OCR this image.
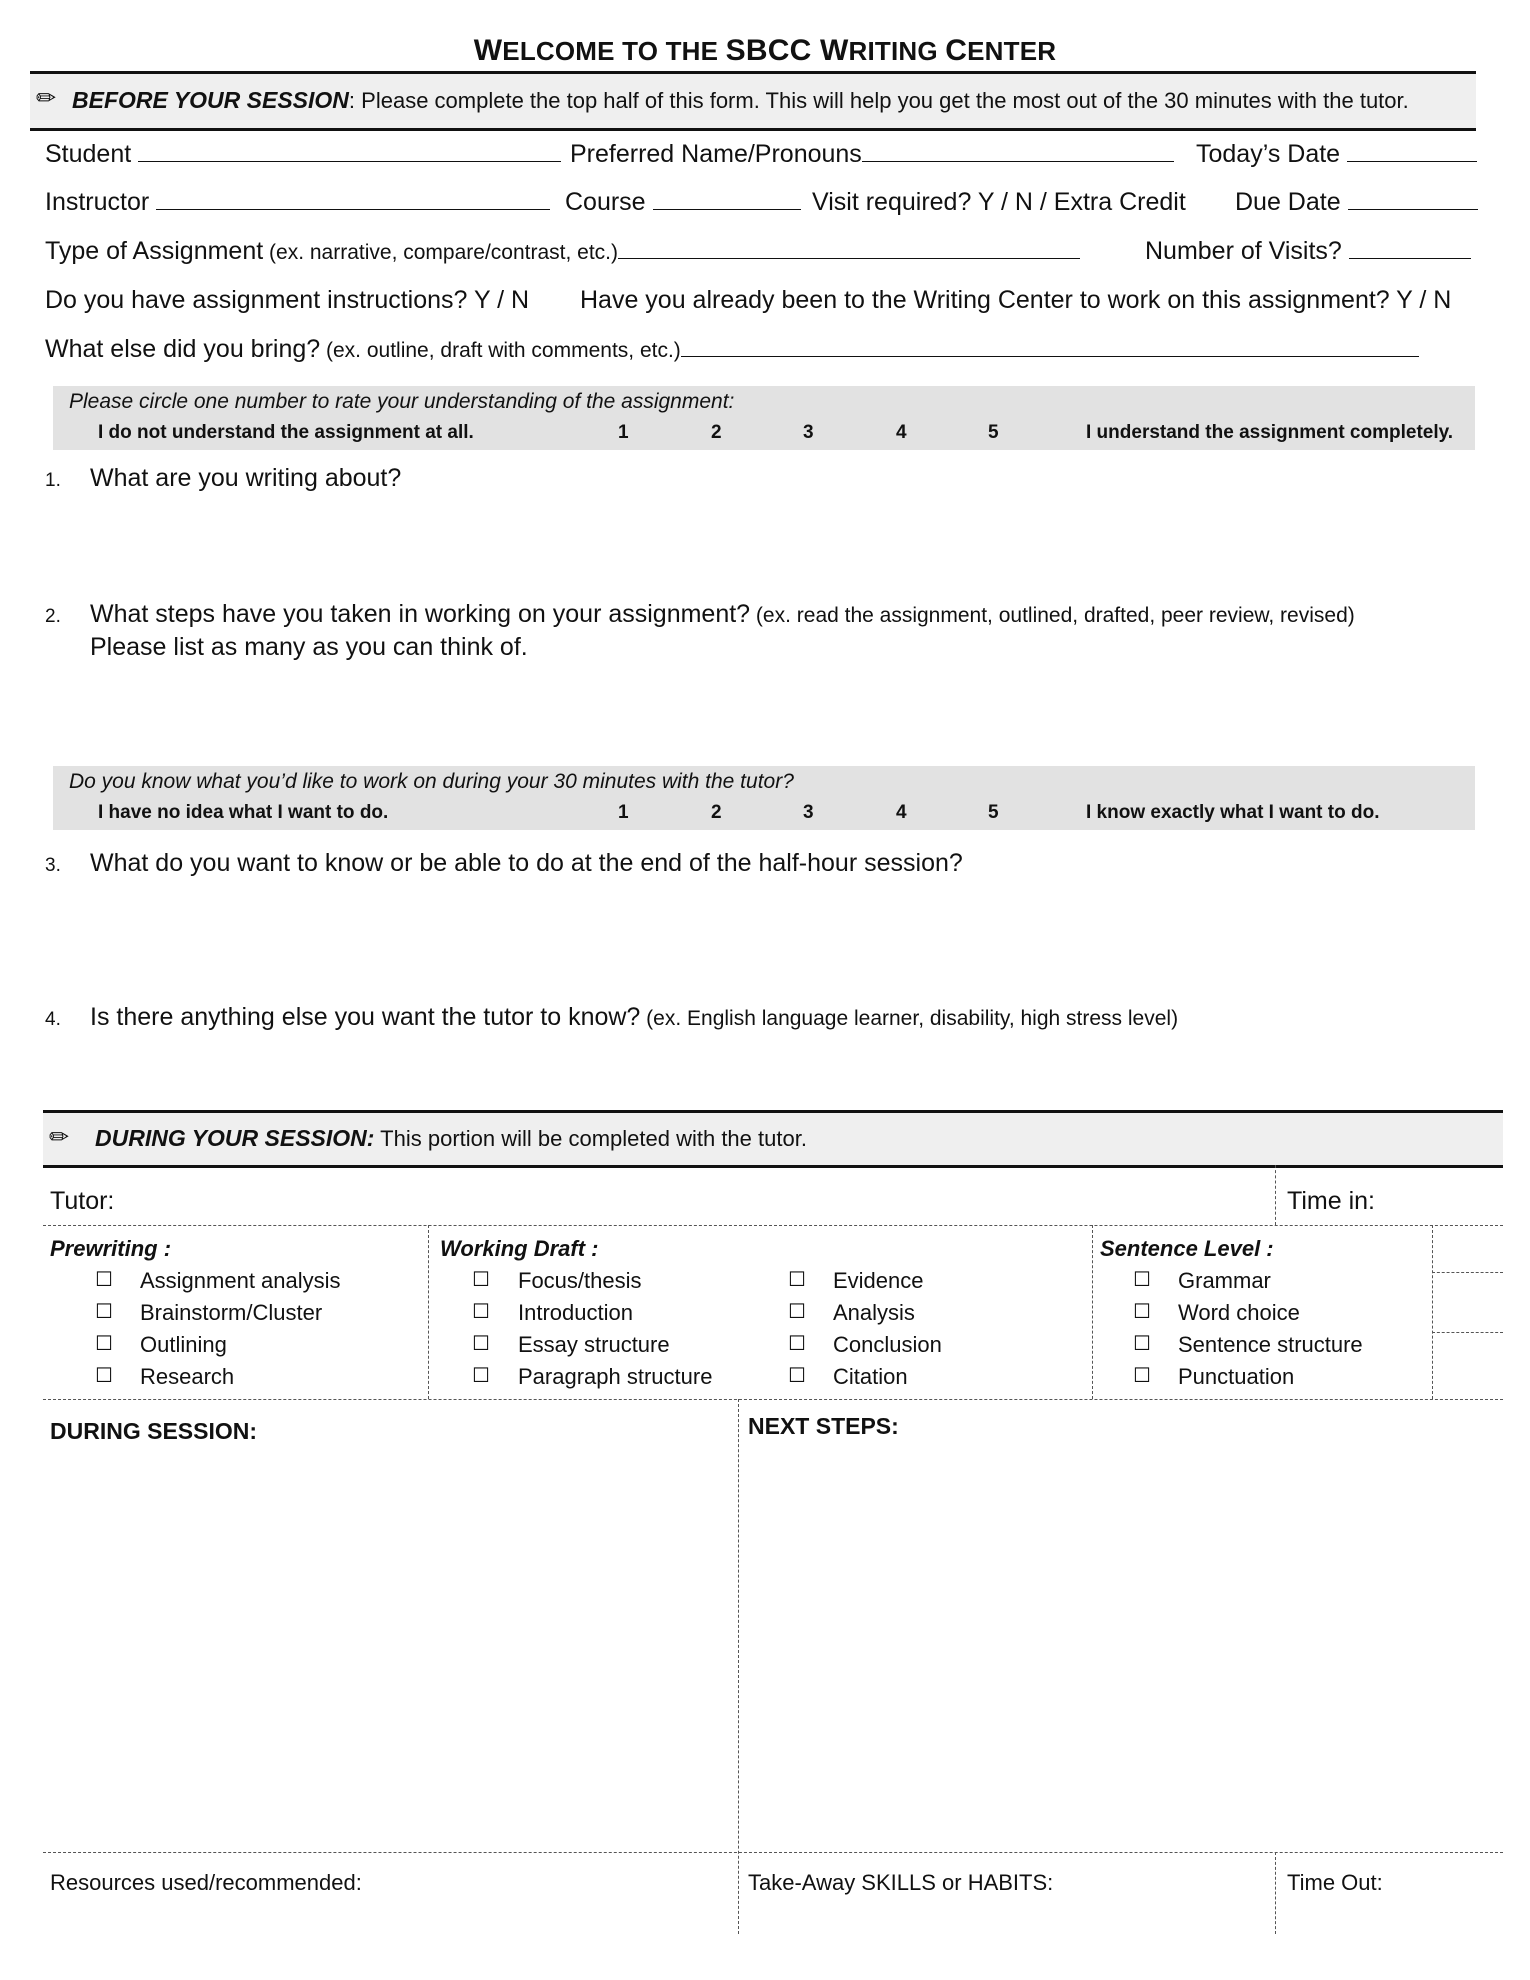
WELCOME TO THE SBCC WRITING CENTER
✏ BEFORE YOUR SESSION: Please complete the top half of this form. This will help you get the most out of the 30 minutes with the tutor.
Student	Preferred Name/Pronouns	Today’s Date
Instructor	Course	Visit required? Y / N / Extra Credit Due Date
Type of Assignment (ex. narrative, compare/contrast, etc.)	Number of Visits?
Do you have assignment instructions? Y / N Have you already been to the Writing Center to work on this assignment? Y / N
What else did you bring? (ex. outline, draft with comments, etc.)
Please circle one number to rate your understanding of the assignment:
I do not understand the assignment at all.	1	2	3	4	5	I understand the assignment completely.
1. What are you writing about?
2. What steps have you taken in working on your assignment? (ex. read the assignment, outlined, drafted, peer review, revised)
Please list as many as you can think of.
Do you know what you’d like to work on during your 30 minutes with the tutor?
I have no idea what I want to do.	1	2	3	4	5	I know exactly what I want to do.
3. What do you want to know or be able to do at the end of the half-hour session?
4. Is there anything else you want the tutor to know? (ex. English language learner, disability, high stress level)
✏ DURING YOUR SESSION: This portion will be completed with the tutor.
Tutor:	Time in:
Prewriting :
☐ Assignment analysis
☐ Brainstorm/Cluster
☐ Outlining
☐ Research
Working Draft :
☐ Focus/thesis
☐ Introduction
☐ Essay structure
☐ Paragraph structure
☐ Evidence
☐ Analysis
☐ Conclusion
☐ Citation
Sentence Level :
☐ Grammar
☐ Word choice
☐ Sentence structure
☐ Punctuation
DURING SESSION:	NEXT STEPS:
Resources used/recommended:	Take-Away SKILLS or HABITS:	Time Out:
